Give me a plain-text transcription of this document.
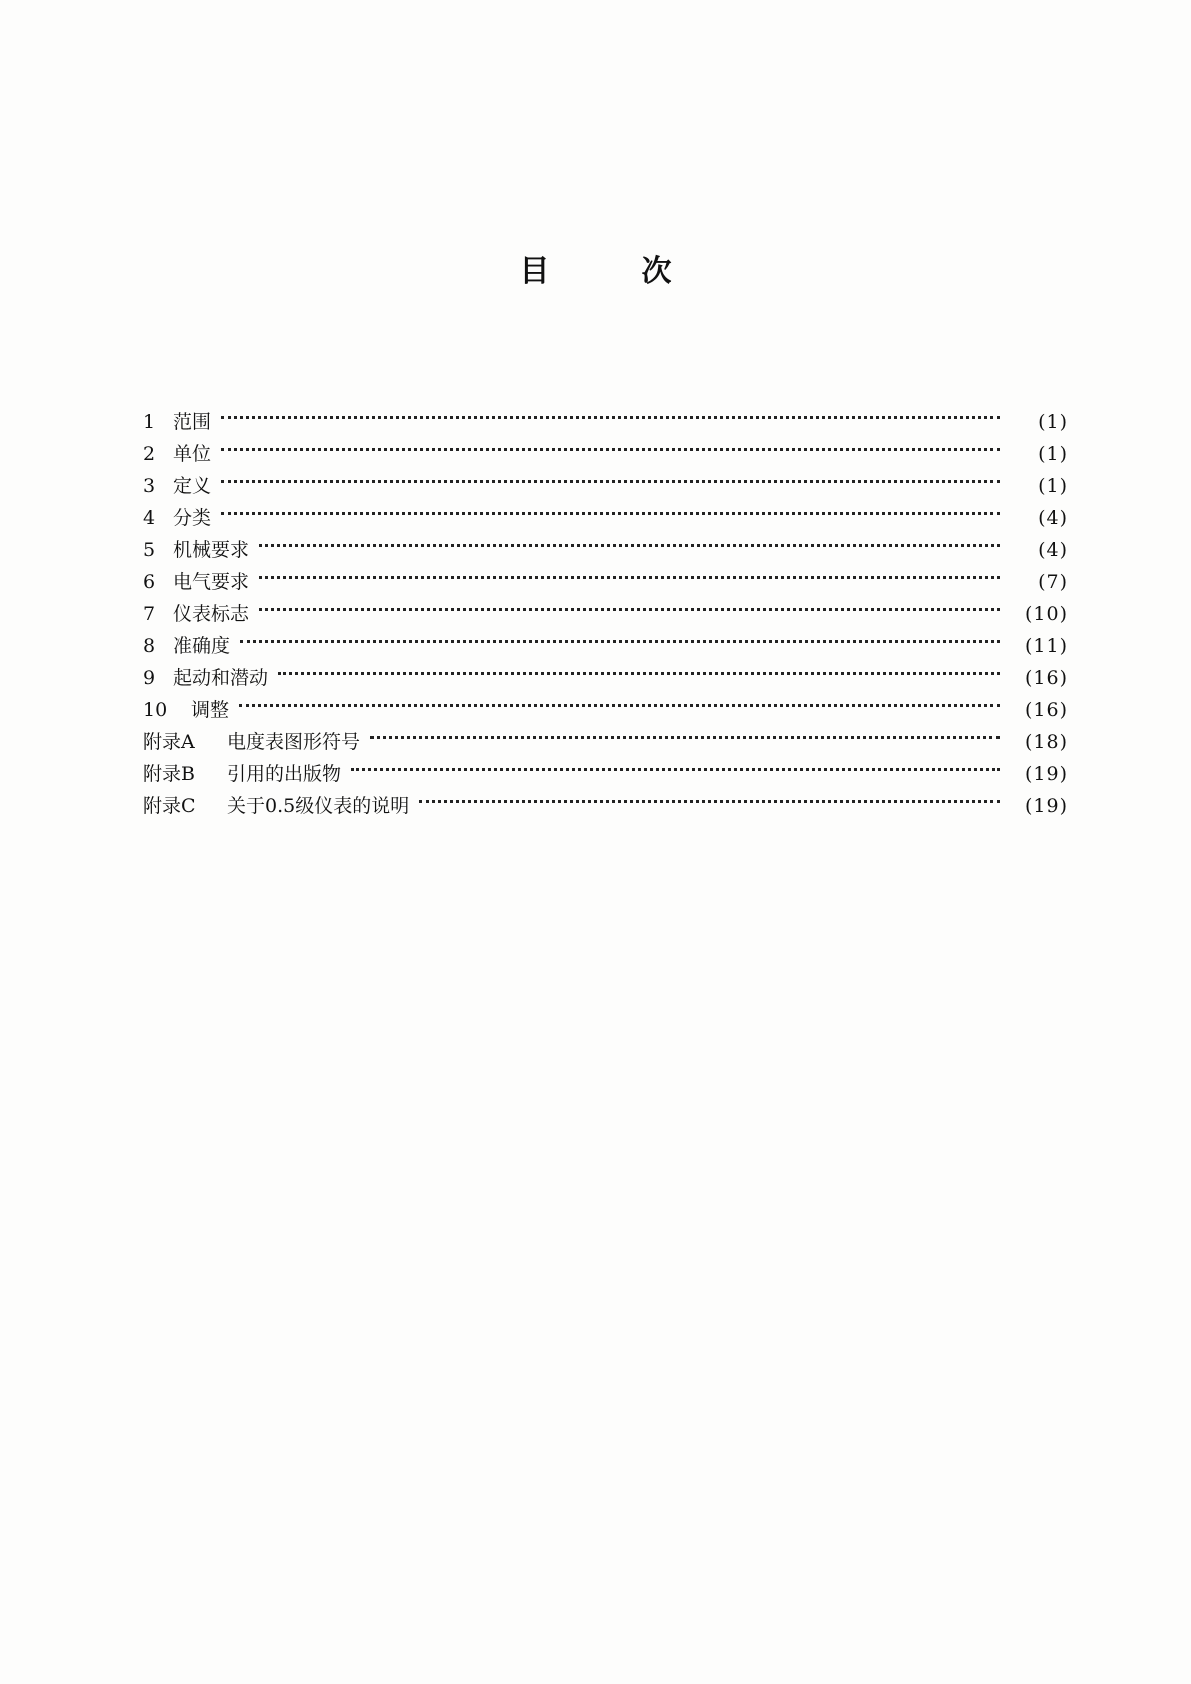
目	次
1 范围	(1)
2 单位	(1)
3 定义	(1)
4 分类	(4)
5 机械要求	(4)
6 电气要求	(7)
7 仪表标志	(10)
8 准确度	(11)
9 起动和潜动	(16)
10	调整	(16)
附录A	电度表图形符号	(18)
附录B	引用的出版物	(19)
附录C	关于0.5级仪表的说明	(19)
